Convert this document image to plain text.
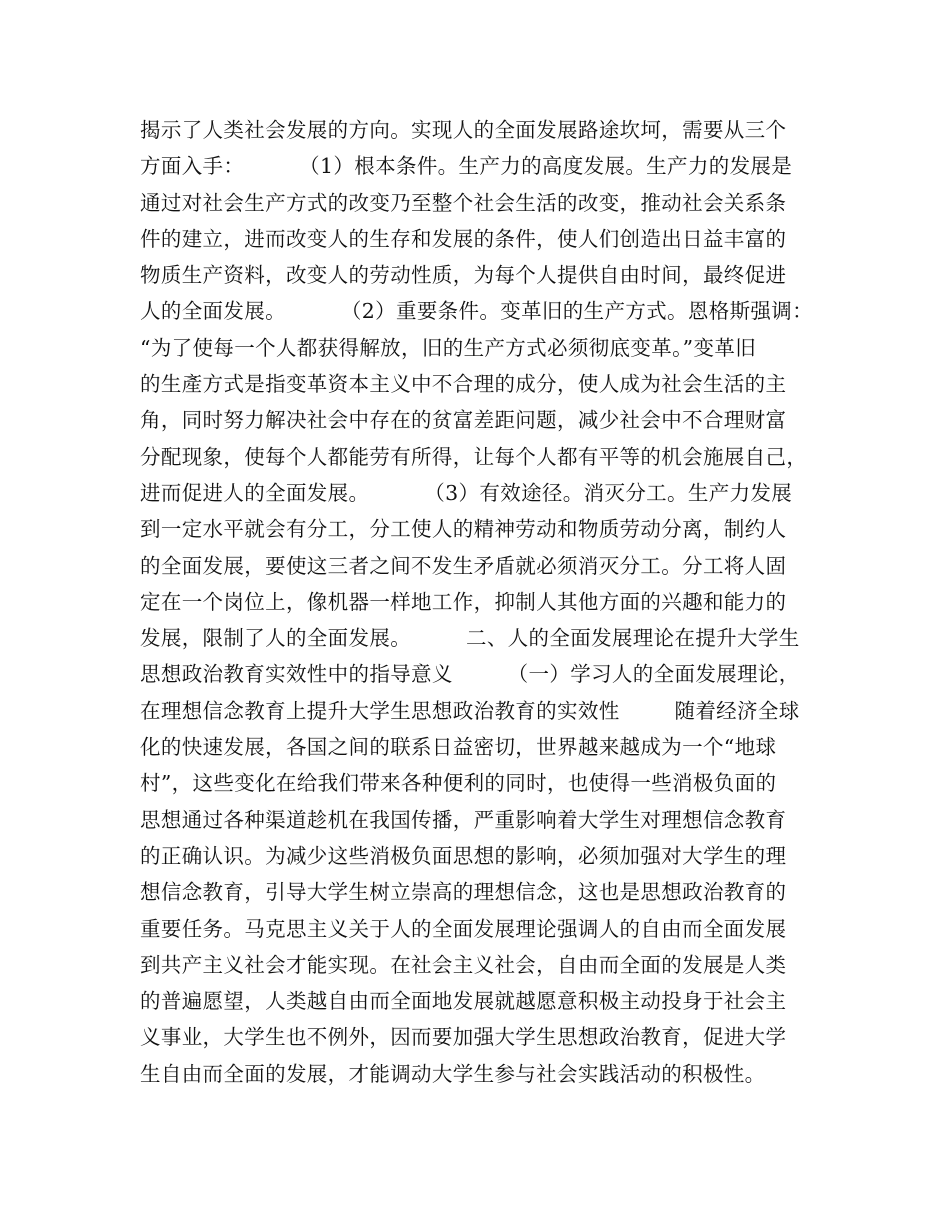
揭示了人类社会发展的方向。实现人的全面发展路途坎坷，需要从三个
方面入手：        （1）根本条件。生产力的高度发展。生产力的发展是
通过对社会生产方式的改变乃至整个社会生活的改变，推动社会关系条
件的建立，进而改变人的生存和发展的条件，使人们创造出日益丰富的
物质生产资料，改变人的劳动性质，为每个人提供自由时间，最终促进
人的全面发展。        （2）重要条件。变革旧的生产方式。恩格斯强调：
“为了使每一个人都获得解放，旧的生产方式必须彻底变革。”变革旧
的生產方式是指变革资本主义中不合理的成分，使人成为社会生活的主
角，同时努力解决社会中存在的贫富差距问题，减少社会中不合理财富
分配现象，使每个人都能劳有所得，让每个人都有平等的机会施展自己，
进而促进人的全面发展。        （3）有效途径。消灭分工。生产力发展
到一定水平就会有分工，分工使人的精神劳动和物质劳动分离，制约人
的全面发展，要使这三者之间不发生矛盾就必须消灭分工。分工将人固
定在一个岗位上，像机器一样地工作，抑制人其他方面的兴趣和能力的
发展，限制了人的全面发展。        二、人的全面发展理论在提升大学生
思想政治教育实效性中的指导意义        （一）学习人的全面发展理论，
在理想信念教育上提升大学生思想政治教育的实效性        随着经济全球
化的快速发展，各国之间的联系日益密切，世界越来越成为一个“地球
村”，这些变化在给我们带来各种便利的同时，也使得一些消极负面的
思想通过各种渠道趁机在我国传播，严重影响着大学生对理想信念教育
的正确认识。为减少这些消极负面思想的影响，必须加强对大学生的理
想信念教育，引导大学生树立崇高的理想信念，这也是思想政治教育的
重要任务。马克思主义关于人的全面发展理论强调人的自由而全面发展
到共产主义社会才能实现。在社会主义社会，自由而全面的发展是人类
的普遍愿望，人类越自由而全面地发展就越愿意积极主动投身于社会主
义事业，大学生也不例外，因而要加强大学生思想政治教育，促进大学
生自由而全面的发展，才能调动大学生参与社会实践活动的积极性。
